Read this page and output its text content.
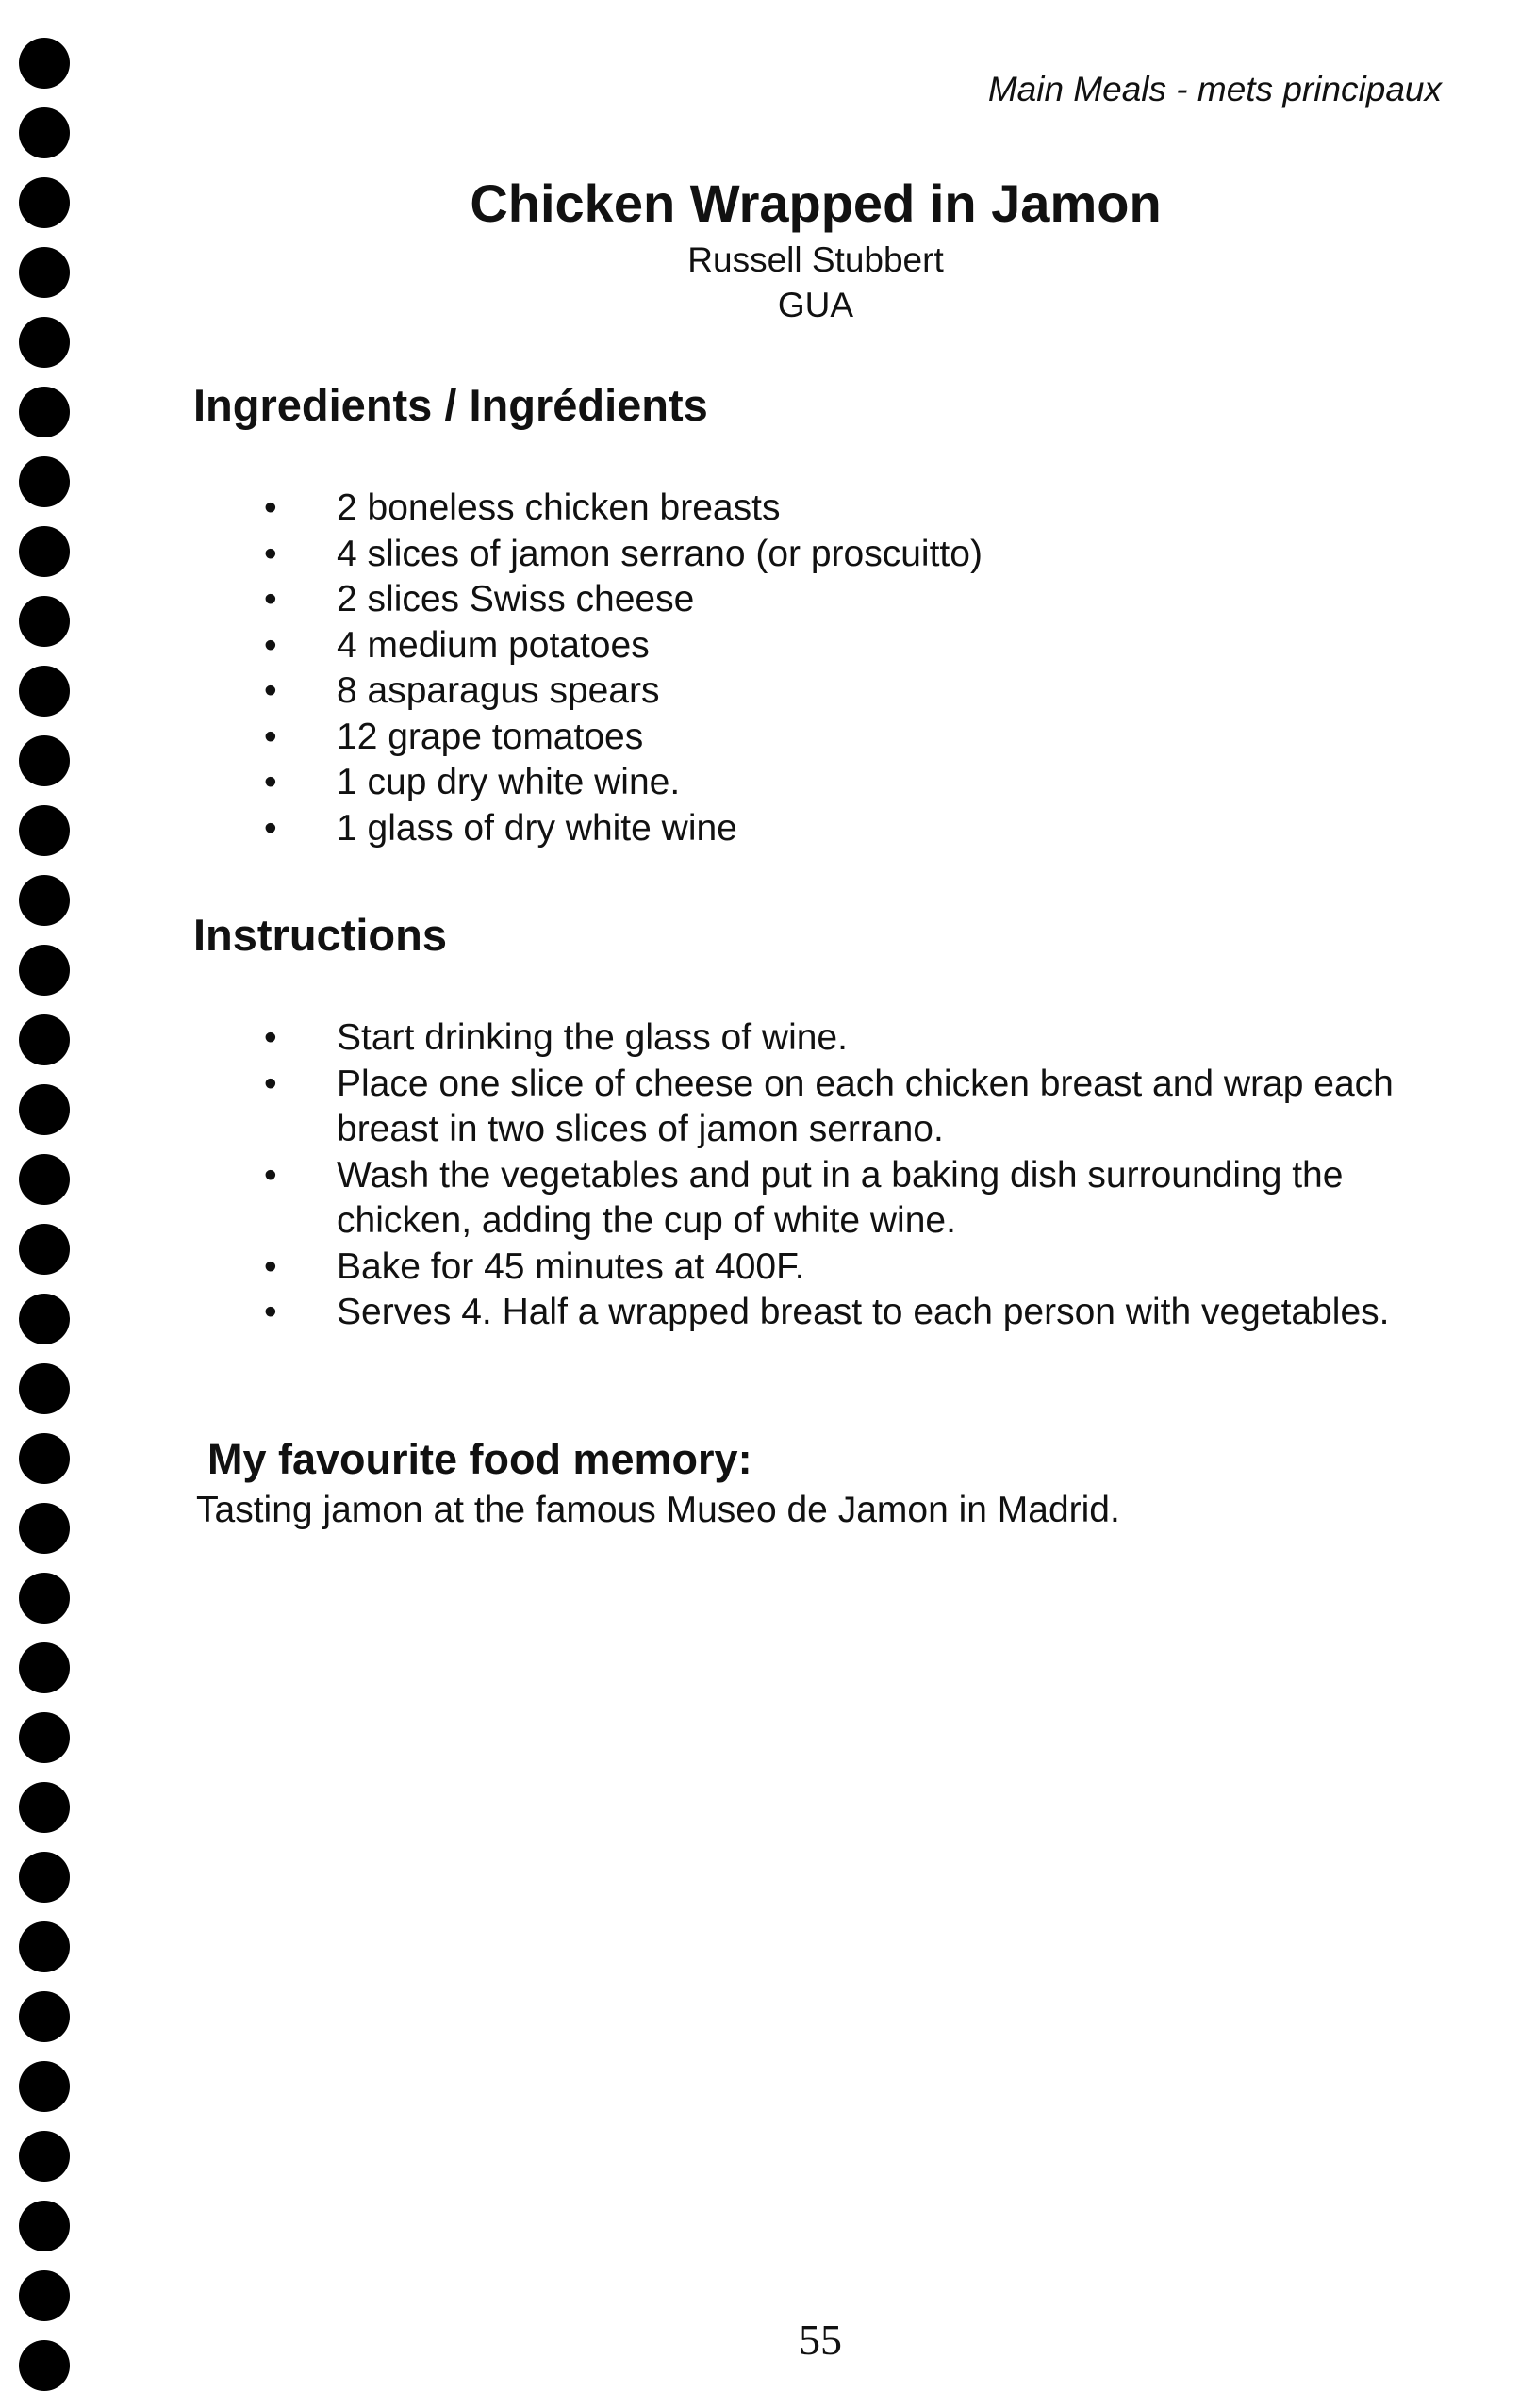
Main Meals - mets principaux
Chicken Wrapped in Jamon
Russell Stubbert
GUA
Ingredients / Ingrédients
• 2 boneless chicken breasts
• 4 slices of jamon serrano (or proscuitto)
• 2 slices Swiss cheese
• 4 medium potatoes
• 8 asparagus spears
• 12 grape tomatoes
• 1 cup dry white wine.
• 1 glass of dry white wine
Instructions
• Start drinking the glass of wine.
• Place one slice of cheese on each chicken breast and wrap each breast in two slices of jamon serrano.
• Wash the vegetables and put in a baking dish surrounding the chicken, adding the cup of white wine.
• Bake for 45 minutes at 400F.
• Serves 4. Half a wrapped breast to each person with vegetables.
My favourite food memory:
Tasting jamon at the famous Museo de Jamon in Madrid.
55
